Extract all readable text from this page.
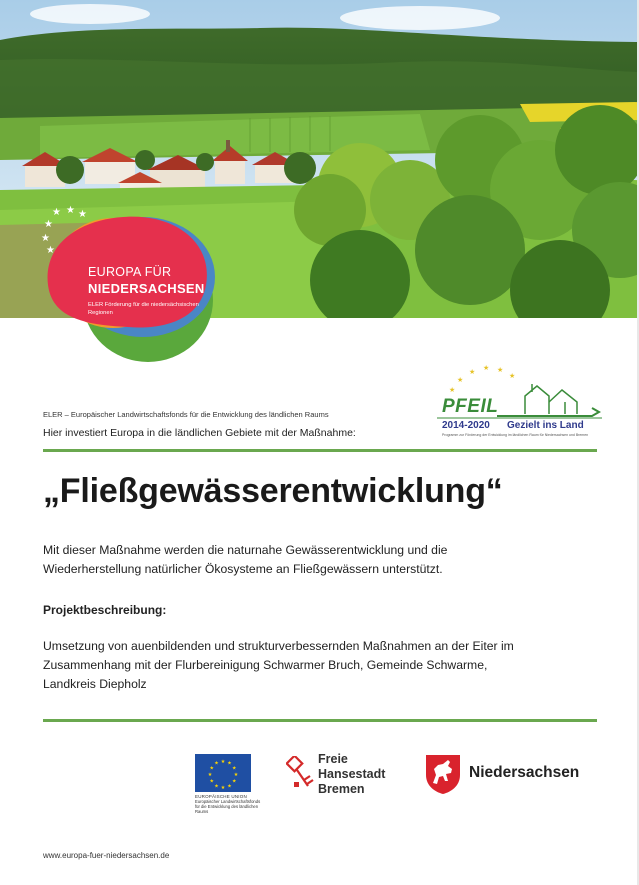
★ ★ ★
★
★
★
EUROPA FÜR
NIEDERSACHSEN
ELER Förderung für die niedersächsischen Regionen
★
★ ★ ★
★
★
PFEIL
2014-2020 Gezielt ins Land
Programm zur Förderung der Entwicklung im ländlichen Raum für Niedersachsen und Bremen
ELER – Europäischer Landwirtschaftsfonds für die Entwicklung des ländlichen Raums
Hier investiert Europa in die ländlichen Gebiete mit der Maßnahme:
„Fließgewässerentwicklung“
Mit dieser Maßnahme werden die naturnahe Gewässerentwicklung und die
Wiederherstellung natürlicher Ökosysteme an Fließgewässern unterstützt.
Projektbeschreibung:
Umsetzung von auenbildenden und strukturverbessernden Maßnahmen an der Eiter im
Zusammenhang mit der Flurbereinigung Schwarmer Bruch, Gemeinde Schwarme,
Landkreis Diepholz
★ ★
★
★
★
★
★
★
★
★
★
★
EUROPÄISCHE UNION
Europäischer Landwirtschaftsfonds für die Entwicklung des ländlichen Raums
Freie
Hansestadt
Bremen
Niedersachsen
www.europa-fuer-niedersachsen.de
